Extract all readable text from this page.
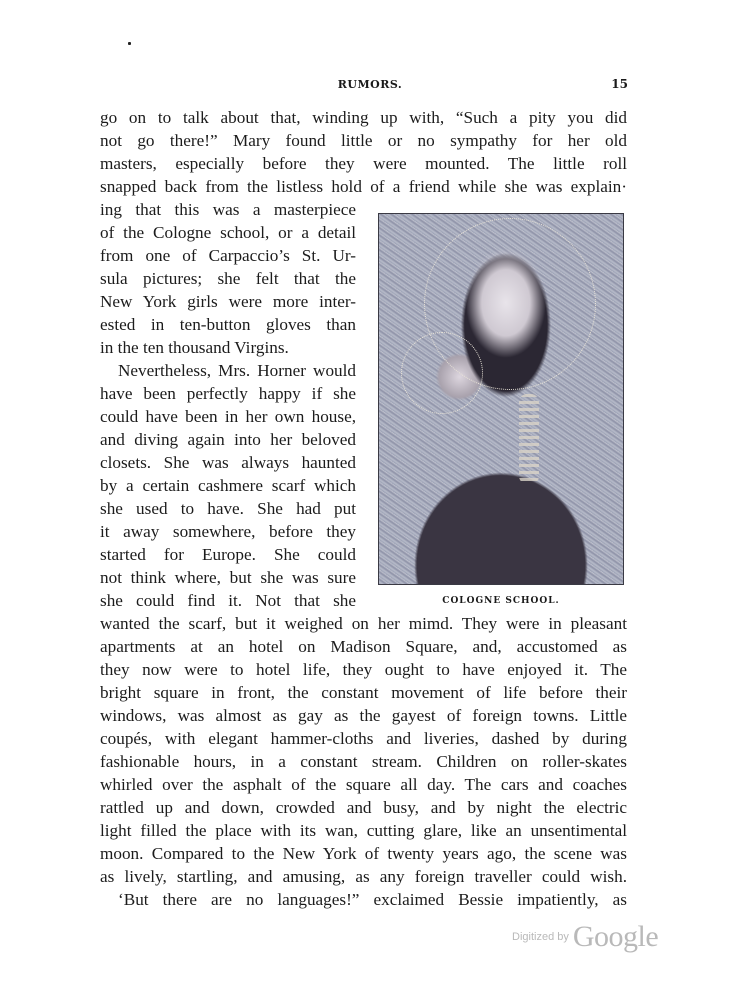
RUMORS.	15
go on to talk about that, winding up with, “Such a pity you did
not go there!” Mary found little or no sympathy for her old
masters, especially before they were mounted. The little roll
snapped back from the listless hold of a friend while she was explain·
ing that this was a masterpiece
of the Cologne school, or a detail
from one of Carpaccio’s St. Ur-
sula pictures; she felt that the
New York girls were more inter-
ested in ten-button gloves than
in the ten thousand Virgins.
Nevertheless, Mrs. Horner would
have been perfectly happy if she
could have been in her own house,
and diving again into her beloved
closets. She was always haunted
by a certain cashmere scarf which
she used to have. She had put
it away somewhere, before they
started for Europe. She could
not think where, but she was sure
she could find it. Not that she	COLOGNE SCHOOL.
wanted the scarf, but it weighed on her mimd. They were in pleasant
apartments at an hotel on Madison Square, and, accustomed as
they now were to hotel life, they ought to have enjoyed it. The
bright square in front, the constant movement of life before their
windows, was almost as gay as the gayest of foreign towns. Little
coupés, with elegant hammer-cloths and liveries, dashed by during
fashionable hours, in a constant stream. Children on roller-skates
whirled over the asphalt of the square all day. The cars and coaches
rattled up and down, crowded and busy, and by night the electric
light filled the place with its wan, cutting glare, like an unsentimental
moon. Compared to the New York of twenty years ago, the scene was
as lively, startling, and amusing, as any foreign traveller could wish.
‘But there are no languages!” exclaimed Bessie impatiently, as
Digitized by Google
